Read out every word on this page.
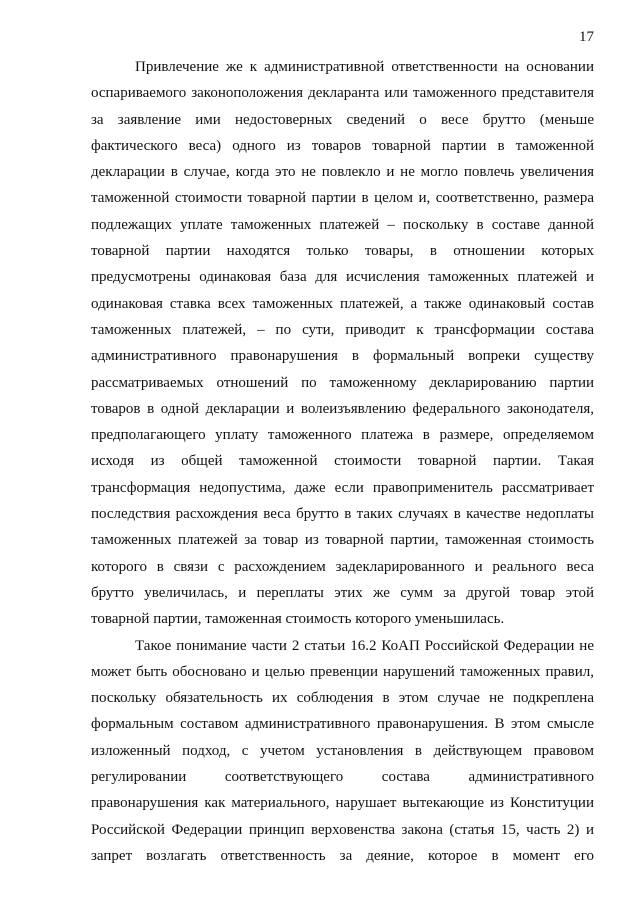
17

Привлечение же к административной ответственности на основании

оспариваемого законоположения декларанта или таможенного представителя

за заявление ими недостоверных сведений о весе брутто (меньше

фактического веса) одного из товаров товарной партии в таможенной

декларации в случае, когда это не повлекло и не могло повлечь увеличения

таможенной стоимости товарной партии в целом и, соответственно, размера

подлежащих уплате таможенных платежей – поскольку в составе данной

товарной партии находятся только товары, в отношении которых

предусмотрены одинаковая база для исчисления таможенных платежей и

одинаковая ставка всех таможенных платежей, а также одинаковый состав

таможенных платежей, – по сути, приводит к трансформации состава

административного правонарушения в формальный вопреки существу

рассматриваемых отношений по таможенному декларированию партии

товаров в одной декларации и волеизъявлению федерального законодателя,

предполагающего уплату таможенного платежа в размере, определяемом

исходя из общей таможенной стоимости товарной партии. Такая

трансформация недопустима, даже если правоприменитель рассматривает

последствия расхождения веса брутто в таких случаях в качестве недоплаты

таможенных платежей за товар из товарной партии, таможенная стоимость

которого в связи с расхождением задекларированного и реального веса

брутто увеличилась, и переплаты этих же сумм за другой товар этой

товарной партии, таможенная стоимость которого уменьшилась.

Такое понимание части 2 статьи 16.2 КоАП Российской Федерации не

может быть обосновано и целью превенции нарушений таможенных правил,

поскольку обязательность их соблюдения в этом случае не подкреплена

формальным составом административного правонарушения. В этом смысле

изложенный подход, с учетом установления в действующем правовом

регулировании соответствующего состава административного

правонарушения как материального, нарушает вытекающие из Конституции

Российской Федерации принцип верховенства закона (статья 15, часть 2) и

запрет возлагать ответственность за деяние, которое в момент его
